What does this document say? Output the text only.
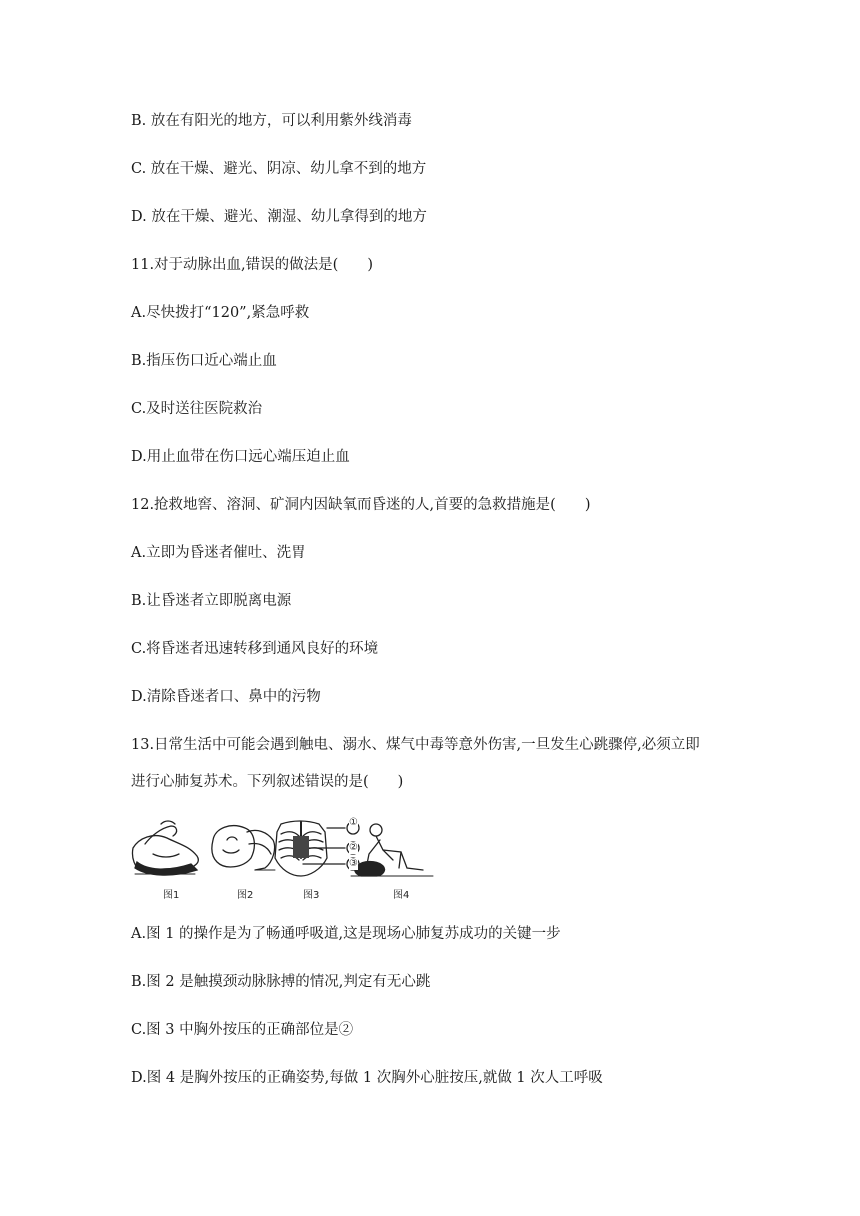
B. 放在有阳光的地方，可以利用紫外线消毒
C. 放在干燥、避光、阴凉、幼儿拿不到的地方
D. 放在干燥、避光、潮湿、幼儿拿得到的地方
11.对于动脉出血,错误的做法是(　　)
A.尽快拨打“120”,紧急呼救
B.指压伤口近心端止血
C.及时送往医院救治
D.用止血带在伤口远心端压迫止血
12.抢救地窖、溶洞、矿洞内因缺氧而昏迷的人,首要的急救措施是(　　)
A.立即为昏迷者催吐、洗胃
B.让昏迷者立即脱离电源
C.将昏迷者迅速转移到通风良好的环境
D.清除昏迷者口、鼻中的污物
13.日常生活中可能会遇到触电、溺水、煤气中毒等意外伤害,一旦发生心跳骤停,必须立即
进行心肺复苏术。下列叙述错误的是(　　)
①
②
③
图1	图2	图3	图4
A.图 1 的操作是为了畅通呼吸道,这是现场心肺复苏成功的关键一步
B.图 2 是触摸颈动脉脉搏的情况,判定有无心跳
C.图 3 中胸外按压的正确部位是②
D.图 4 是胸外按压的正确姿势,每做 1 次胸外心脏按压,就做 1 次人工呼吸
